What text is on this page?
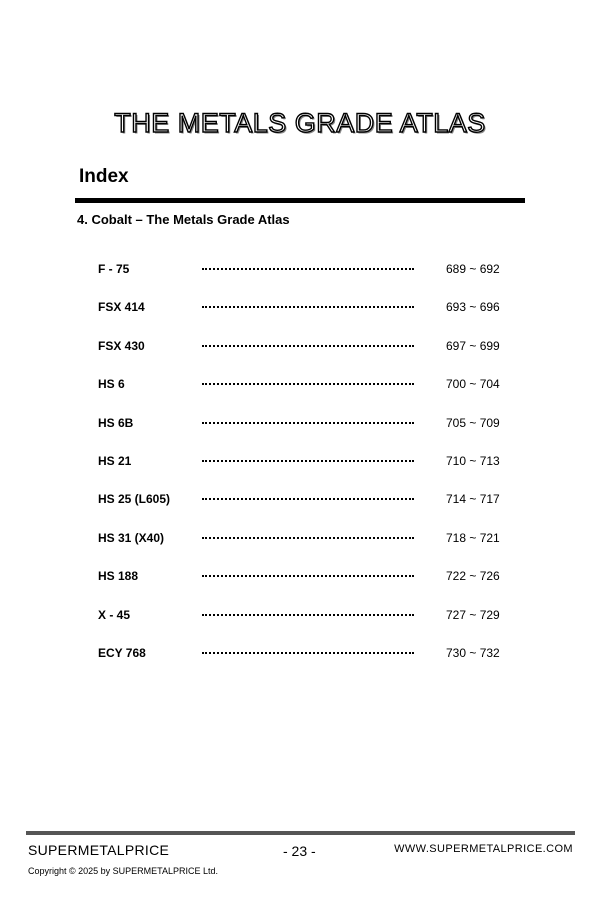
THE METALS GRADE ATLAS
Index
4. Cobalt – The Metals Grade Atlas
F - 75	689 ~ 692
FSX 414	693 ~ 696
FSX 430	697 ~ 699
HS 6	700 ~ 704
HS 6B	705 ~ 709
HS 21	710 ~ 713
HS 25 (L605)	714 ~ 717
HS 31 (X40)	718 ~ 721
HS 188	722 ~ 726
X - 45	727 ~ 729
ECY 768	730 ~ 732
SUPERMETALPRICE	- 23 -	WWW.SUPERMETALPRICE.COM
Copyright © 2025 by SUPERMETALPRICE Ltd.
